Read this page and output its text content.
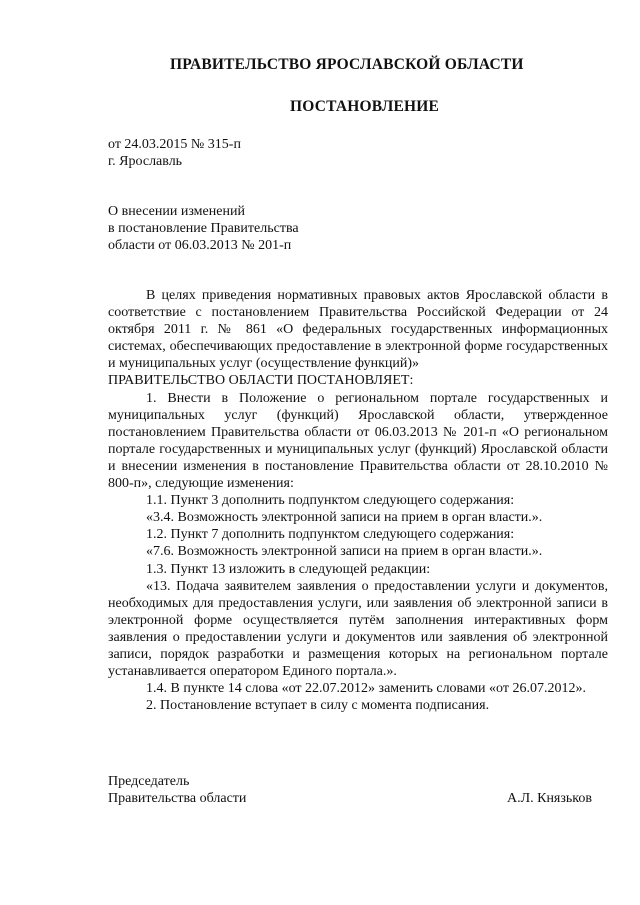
ПРАВИТЕЛЬСТВО ЯРОСЛАВСКОЙ ОБЛАСТИ
ПОСТАНОВЛЕНИЕ
от 24.03.2015 № 315-п
г. Ярославль
О внесении изменений
в постановление Правительства
области от 06.03.2013 № 201-п

В целях приведения нормативных правовых актов Ярославской области в соответствие с постановлением Правительства Российской Федерации от 24 октября 2011 г. № 861 «О федеральных государственных информационных системах, обеспечивающих предоставление в электронной форме государственных и муниципальных услуг (осуществление функций)»

ПРАВИТЕЛЬСТВО ОБЛАСТИ ПОСТАНОВЛЯЕТ:

1. Внести в Положение о региональном портале государственных и муниципальных услуг (функций) Ярославской области, утвержденное постановлением Правительства области от 06.03.2013 № 201-п «О региональном портале государственных и муниципальных услуг (функций) Ярославской области и внесении изменения в постановление Правительства области от 28.10.2010 № 800-п», следующие изменения:

1.1. Пункт 3 дополнить подпунктом следующего содержания:

«3.4. Возможность электронной записи на прием в орган власти.».

1.2. Пункт 7 дополнить подпунктом следующего содержания:

«7.6. Возможность электронной записи на прием в орган власти.».

1.3. Пункт 13 изложить в следующей редакции:

«13. Подача заявителем заявления о предоставлении услуги и документов, необходимых для предоставления услуги, или заявления об электронной записи в электронной форме осуществляется путём заполнения интерактивных форм заявления о предоставлении услуги и документов или заявления об электронной записи, порядок разработки и размещения которых на региональном портале устанавливается оператором Единого портала.».

1.4. В пункте 14 слова «от 22.07.2012» заменить словами «от 26.07.2012».

2. Постановление вступает в силу с момента подписания.

Председатель
Правительства области	А.Л. Князьков
